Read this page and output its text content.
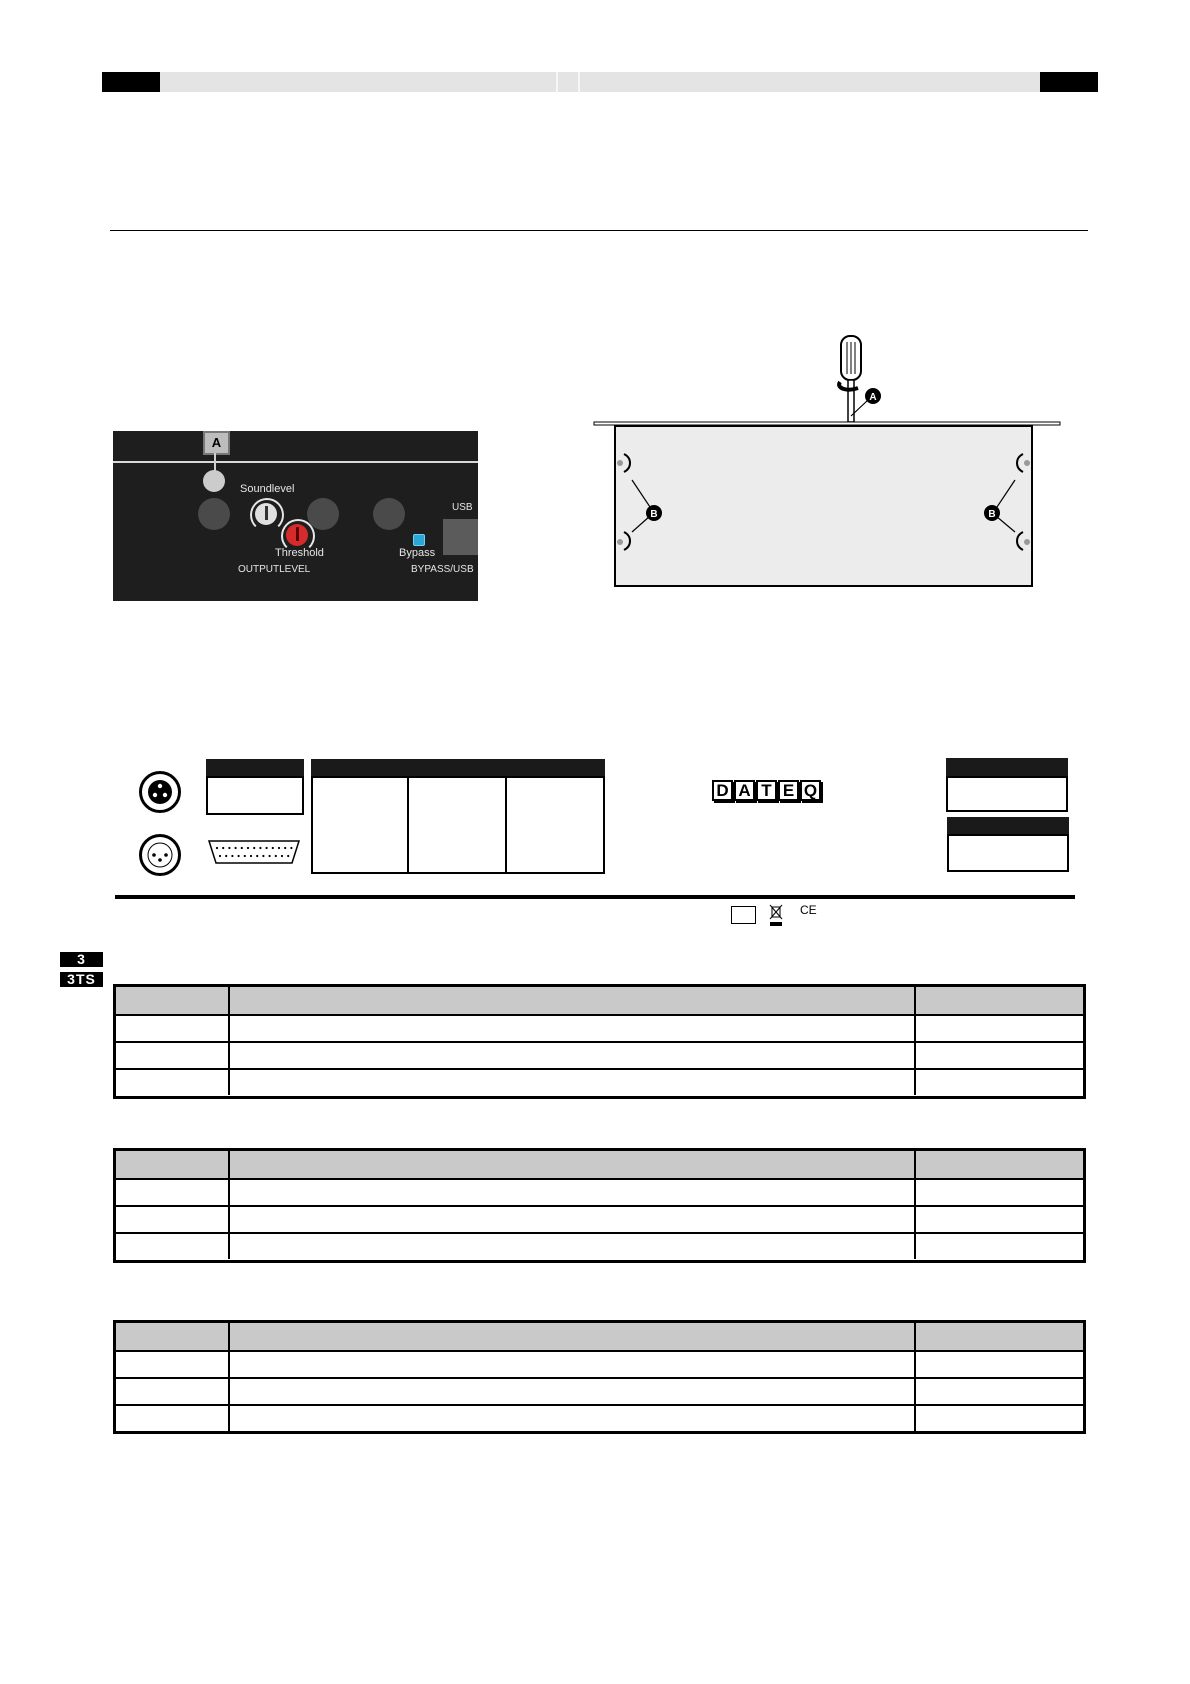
A
Soundlevel
Threshold
OUTPUTLEVEL
USB
Bypass
BYPASS/USB
A
B	B
D A T E Q
CE
3
3TS
